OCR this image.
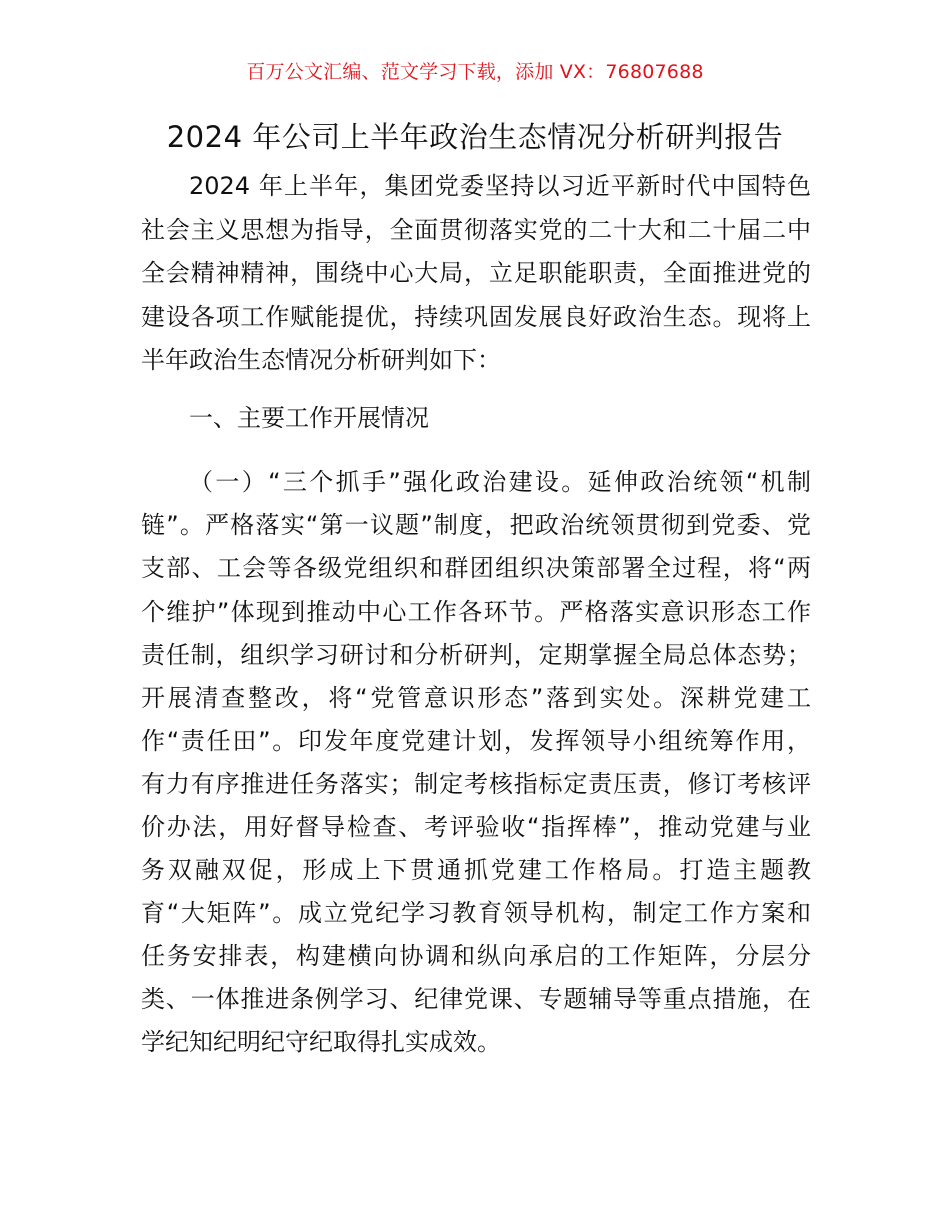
百万公文汇编、范文学习下载，添加 VX：76807688
2024 年公司上半年政治生态情况分析研判报告
2024 年上半年，集团党委坚持以习近平新时代中国特色
社会主义思想为指导，全面贯彻落实党的二十大和二十届二中
全会精神精神，围绕中心大局，立足职能职责，全面推进党的
建设各项工作赋能提优，持续巩固发展良好政治生态。现将上
半年政治生态情况分析研判如下：
一、主要工作开展情况
（一）“三个抓手”强化政治建设。延伸政治统领“机制
链”。严格落实“第一议题”制度，把政治统领贯彻到党委、党
支部、工会等各级党组织和群团组织决策部署全过程，将“两
个维护”体现到推动中心工作各环节。严格落实意识形态工作
责任制，组织学习研讨和分析研判，定期掌握全局总体态势；
开展清查整改，将“党管意识形态”落到实处。深耕党建工
作“责任田”。印发年度党建计划，发挥领导小组统筹作用，
有力有序推进任务落实；制定考核指标定责压责，修订考核评
价办法，用好督导检查、考评验收“指挥棒”，推动党建与业
务双融双促，形成上下贯通抓党建工作格局。打造主题教
育“大矩阵”。成立党纪学习教育领导机构，制定工作方案和
任务安排表，构建横向协调和纵向承启的工作矩阵，分层分
类、一体推进条例学习、纪律党课、专题辅导等重点措施，在
学纪知纪明纪守纪取得扎实成效。
